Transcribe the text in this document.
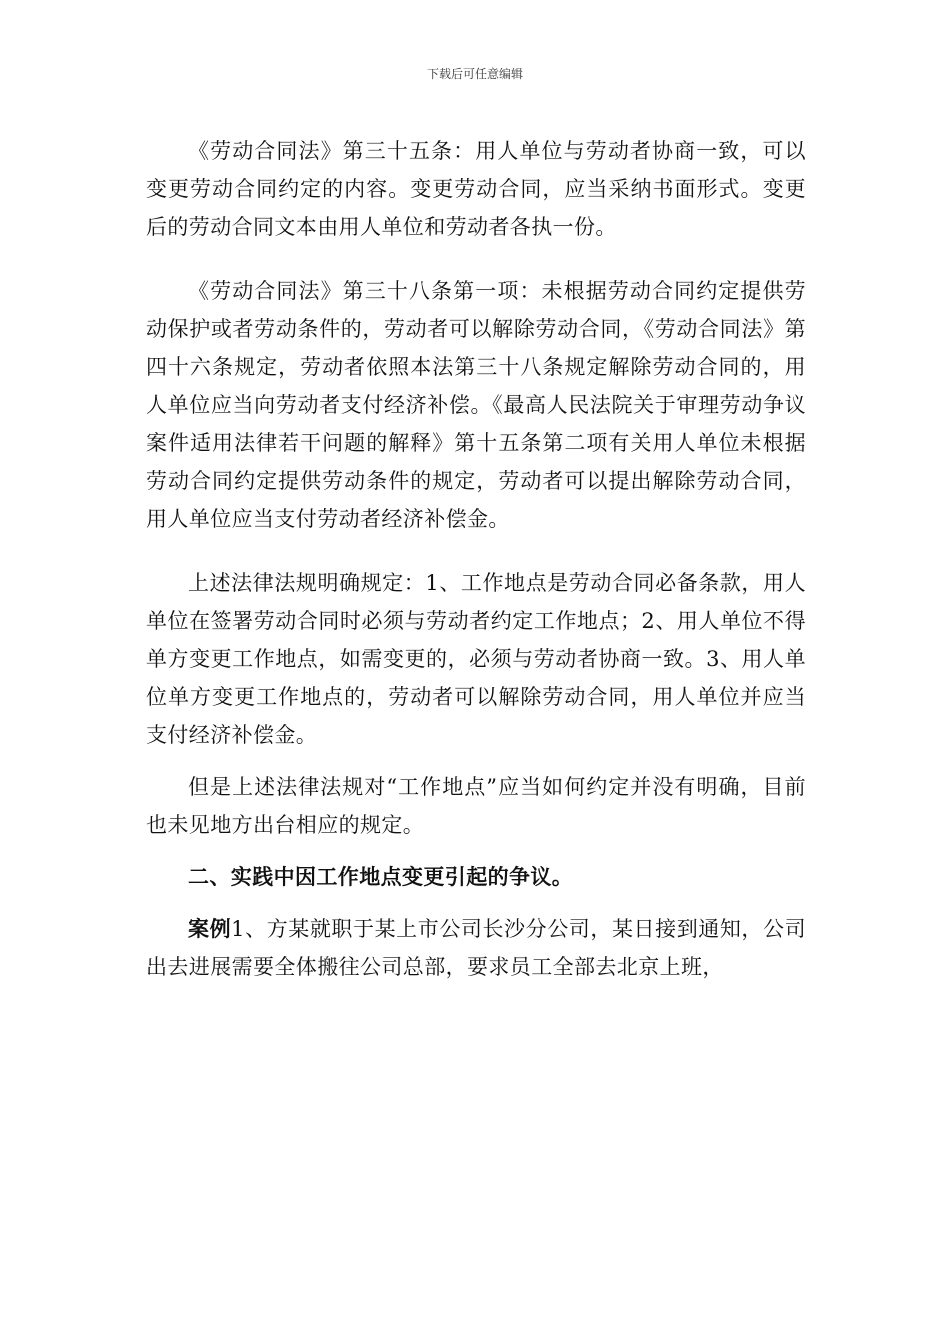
下载后可任意编辑

《劳动合同法》第三十五条：用人单位与劳动者协商一致，可以变更劳动合同约定的内容。变更劳动合同，应当采纳书面形式。变更后的劳动合同文本由用人单位和劳动者各执一份。

《劳动合同法》第三十八条第一项：未根据劳动合同约定提供劳动保护或者劳动条件的，劳动者可以解除劳动合同，《劳动合同法》第四十六条规定，劳动者依照本法第三十八条规定解除劳动合同的，用人单位应当向劳动者支付经济补偿。《最高人民法院关于审理劳动争议案件适用法律若干问题的解释》第十五条第二项有关用人单位未根据劳动合同约定提供劳动条件的规定，劳动者可以提出解除劳动合同，用人单位应当支付劳动者经济补偿金。

上述法律法规明确规定：1、工作地点是劳动合同必备条款，用人单位在签署劳动合同时必须与劳动者约定工作地点；2、用人单位不得单方变更工作地点，如需变更的，必须与劳动者协商一致。3、用人单位单方变更工作地点的，劳动者可以解除劳动合同，用人单位并应当支付经济补偿金。

但是上述法律法规对“工作地点”应当如何约定并没有明确，目前也未见地方出台相应的规定。

二、实践中因工作地点变更引起的争议。

案例1、方某就职于某上市公司长沙分公司，某日接到通知，公司出去进展需要全体搬往公司总部，要求员工全部去北京上班，
